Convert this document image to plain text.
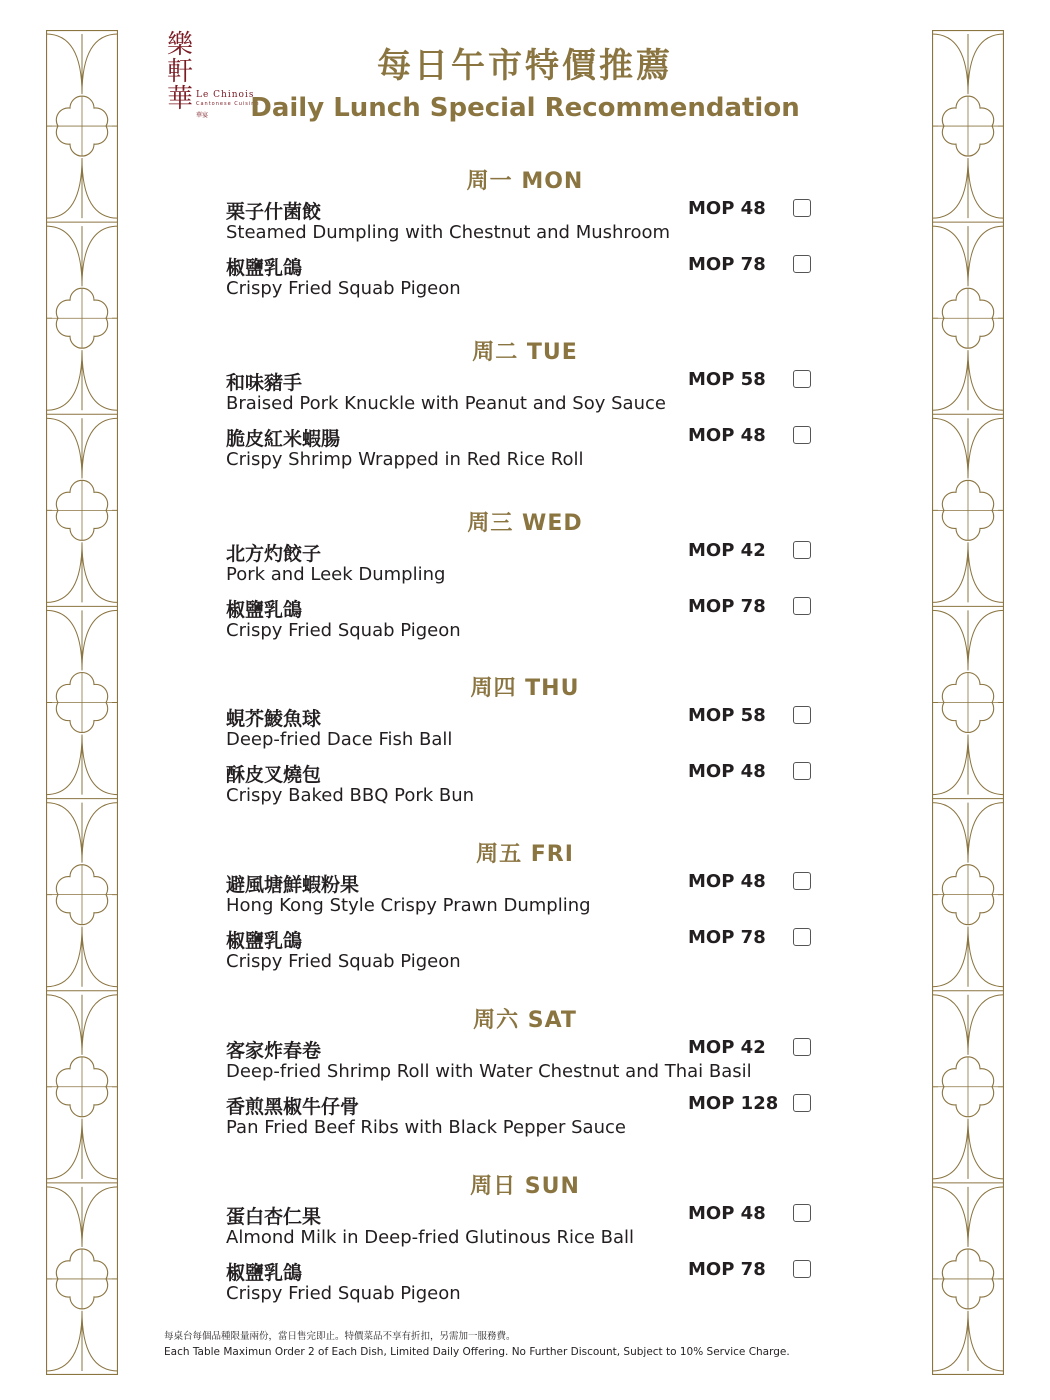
樂軒華 Le Chinois
Cantonese Cuisine
華宴
每日午市特價推薦
Daily Lunch Special Recommendation
周一 MON
栗子什菌餃
Steamed Dumpling with Chestnut and Mushroom
MOP 48
椒鹽乳鴿
Crispy Fried Squab Pigeon
MOP 78
周二 TUE
和味豬手
Braised Pork Knuckle with Peanut and Soy Sauce
MOP 58
脆皮紅米蝦腸
Crispy Shrimp Wrapped in Red Rice Roll
MOP 48
周三 WED
北方灼餃子
Pork and Leek Dumpling
MOP 42
椒鹽乳鴿
Crispy Fried Squab Pigeon
MOP 78
周四 THU
蜆芥鯪魚球
Deep-fried Dace Fish Ball
MOP 58
酥皮叉燒包
Crispy Baked BBQ Pork Bun
MOP 48
周五 FRI
避風塘鮮蝦粉果
Hong Kong Style Crispy Prawn Dumpling
MOP 48
椒鹽乳鴿
Crispy Fried Squab Pigeon
MOP 78
周六 SAT
客家炸春卷
Deep-fried Shrimp Roll with Water Chestnut and Thai Basil
MOP 42
香煎黑椒牛仔骨
Pan Fried Beef Ribs with Black Pepper Sauce
MOP 128
周日 SUN
蛋白杏仁果
Almond Milk in Deep-fried Glutinous Rice Ball
MOP 48
椒鹽乳鴿
Crispy Fried Squab Pigeon
MOP 78
每桌台每個品種限量兩份，當日售完即止。特價菜品不享有折扣，另需加一服務費。
Each Table Maximun Order 2 of Each Dish, Limited Daily Offering. No Further Discount, Subject to 10% Service Charge.
